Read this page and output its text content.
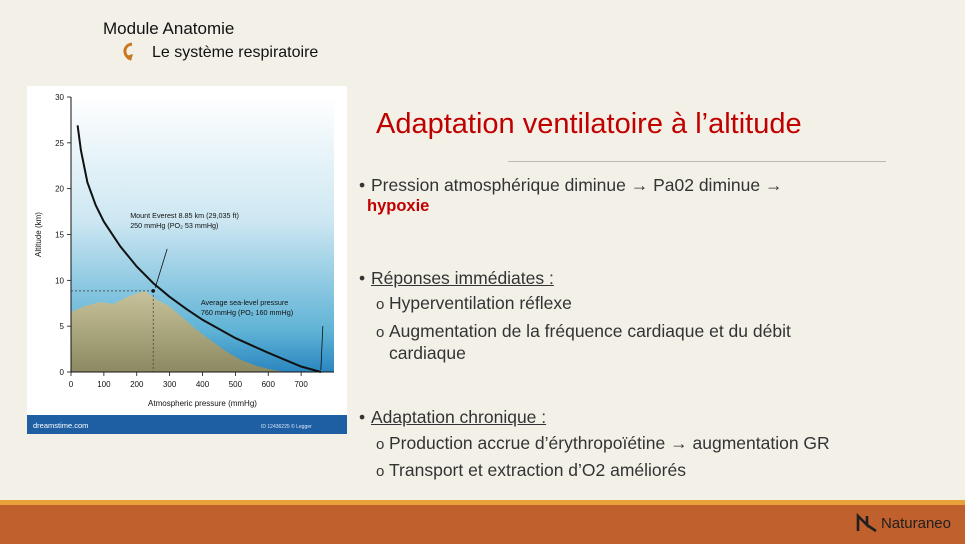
Module Anatomie
Le système respiratoire
dreamstime.com	ID 12436225 © Legger
0	100 200 300 400 500 600 700
0
5
10
15
20
25
30
Mount Everest 8.85 km (29,035 ft)
250 mmHg (PO₂ 53 mmHg)
Average sea-level pressure
760 mmHg (PO₂ 160 mmHg)
Atmospheric pressure (mmHg)
Altitude (km)
Adaptation ventilatoire à l’altitude
• Pression atmosphérique diminue → Pa02 diminue →
hypoxie
• Réponses immédiates :
o Hyperventilation réflexe
o Augmentation de la fréquence cardiaque et du débit
cardiaque
• Adaptation chronique :
o Production accrue d’érythropoïétine → augmentation GR
o Transport et extraction d’O2 améliorés
Naturaneo
